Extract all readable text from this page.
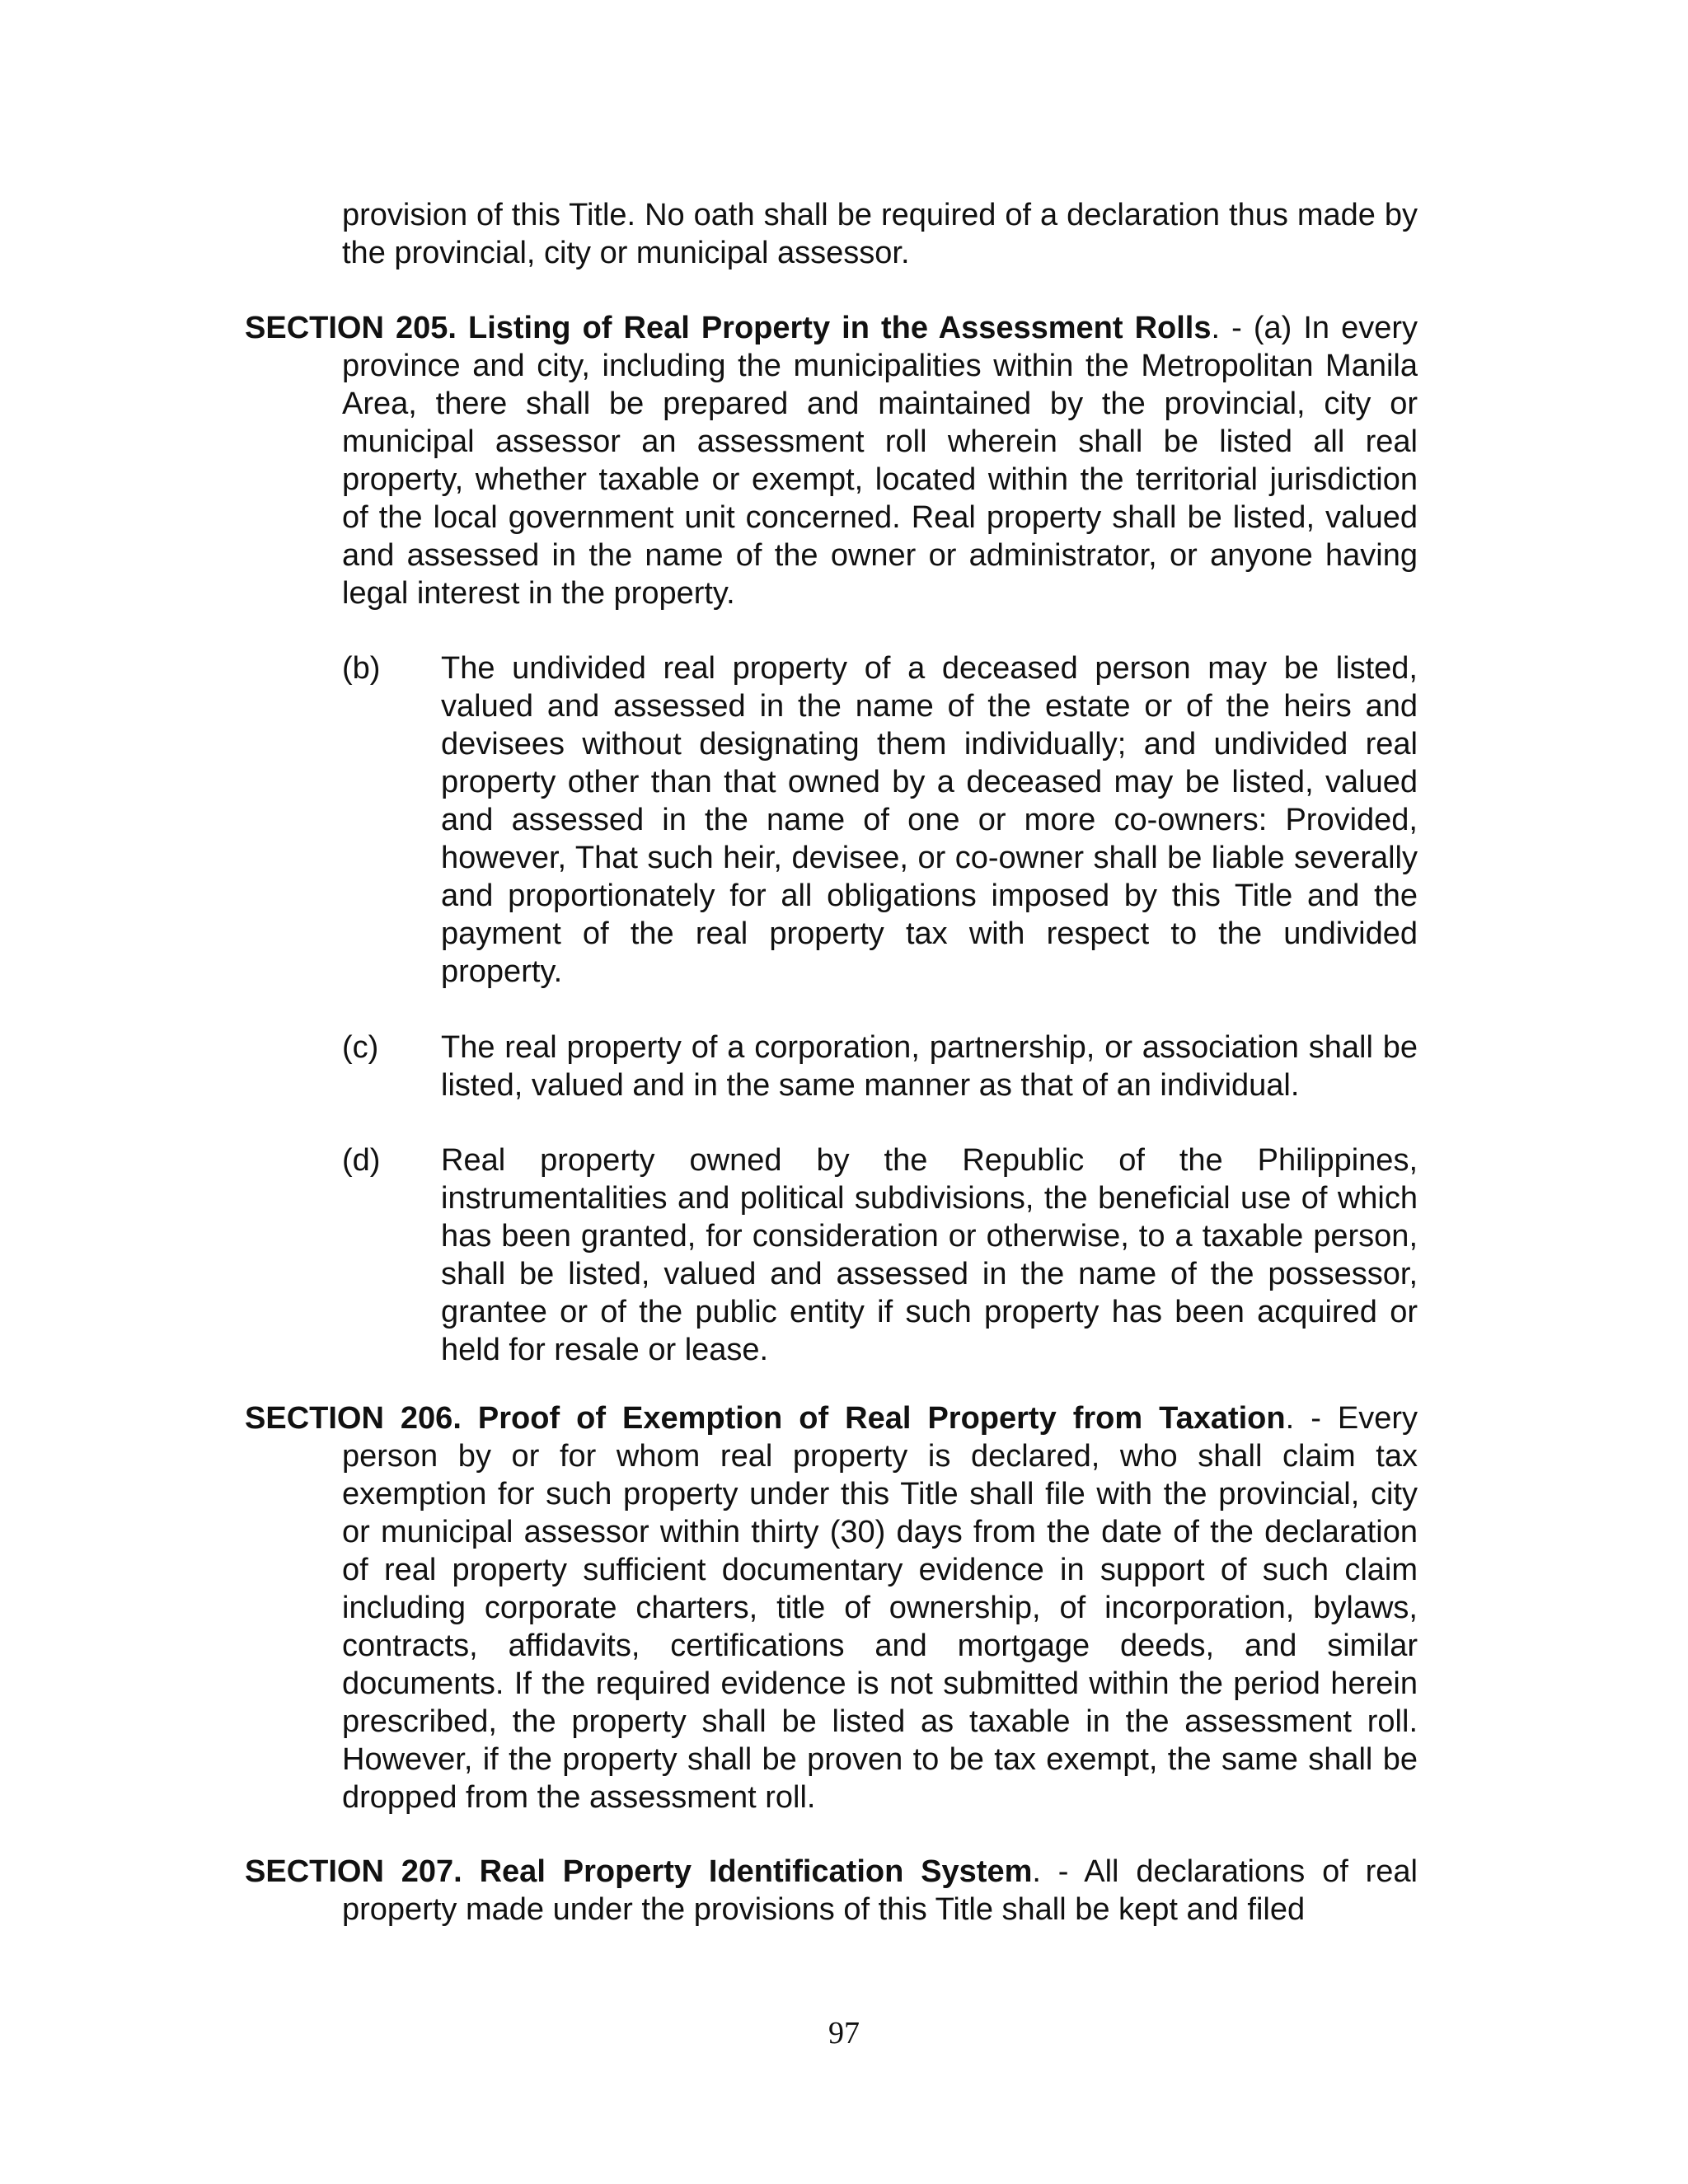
provision of this Title. No oath shall be required of a declaration thus made by the provincial, city or municipal assessor.
SECTION 205. Listing of Real Property in the Assessment Rolls. - (a) In every province and city, including the municipalities within the Metropolitan Manila Area, there shall be prepared and maintained by the provincial, city or municipal assessor an assessment roll wherein shall be listed all real property, whether taxable or exempt, located within the territorial jurisdiction of the local government unit concerned. Real property shall be listed, valued and assessed in the name of the owner or administrator, or anyone having legal interest in the property.
(b) The undivided real property of a deceased person may be listed, valued and assessed in the name of the estate or of the heirs and devisees without designating them individually; and undivided real property other than that owned by a deceased may be listed, valued and assessed in the name of one or more co-owners: Provided, however, That such heir, devisee, or co-owner shall be liable severally and proportionately for all obligations imposed by this Title and the payment of the real property tax with respect to the undivided property.
(c) The real property of a corporation, partnership, or association shall be listed, valued and in the same manner as that of an individual.
(d) Real property owned by the Republic of the Philippines, instrumentalities and political subdivisions, the beneficial use of which has been granted, for consideration or otherwise, to a taxable person, shall be listed, valued and assessed in the name of the possessor, grantee or of the public entity if such property has been acquired or held for resale or lease.
SECTION 206. Proof of Exemption of Real Property from Taxation. - Every person by or for whom real property is declared, who shall claim tax exemption for such property under this Title shall file with the provincial, city or municipal assessor within thirty (30) days from the date of the declaration of real property sufficient documentary evidence in support of such claim including corporate charters, title of ownership, of incorporation, bylaws, contracts, affidavits, certifications and mortgage deeds, and similar documents. If the required evidence is not submitted within the period herein prescribed, the property shall be listed as taxable in the assessment roll. However, if the property shall be proven to be tax exempt, the same shall be dropped from the assessment roll.
SECTION 207. Real Property Identification System. - All declarations of real property made under the provisions of this Title shall be kept and filed
97
